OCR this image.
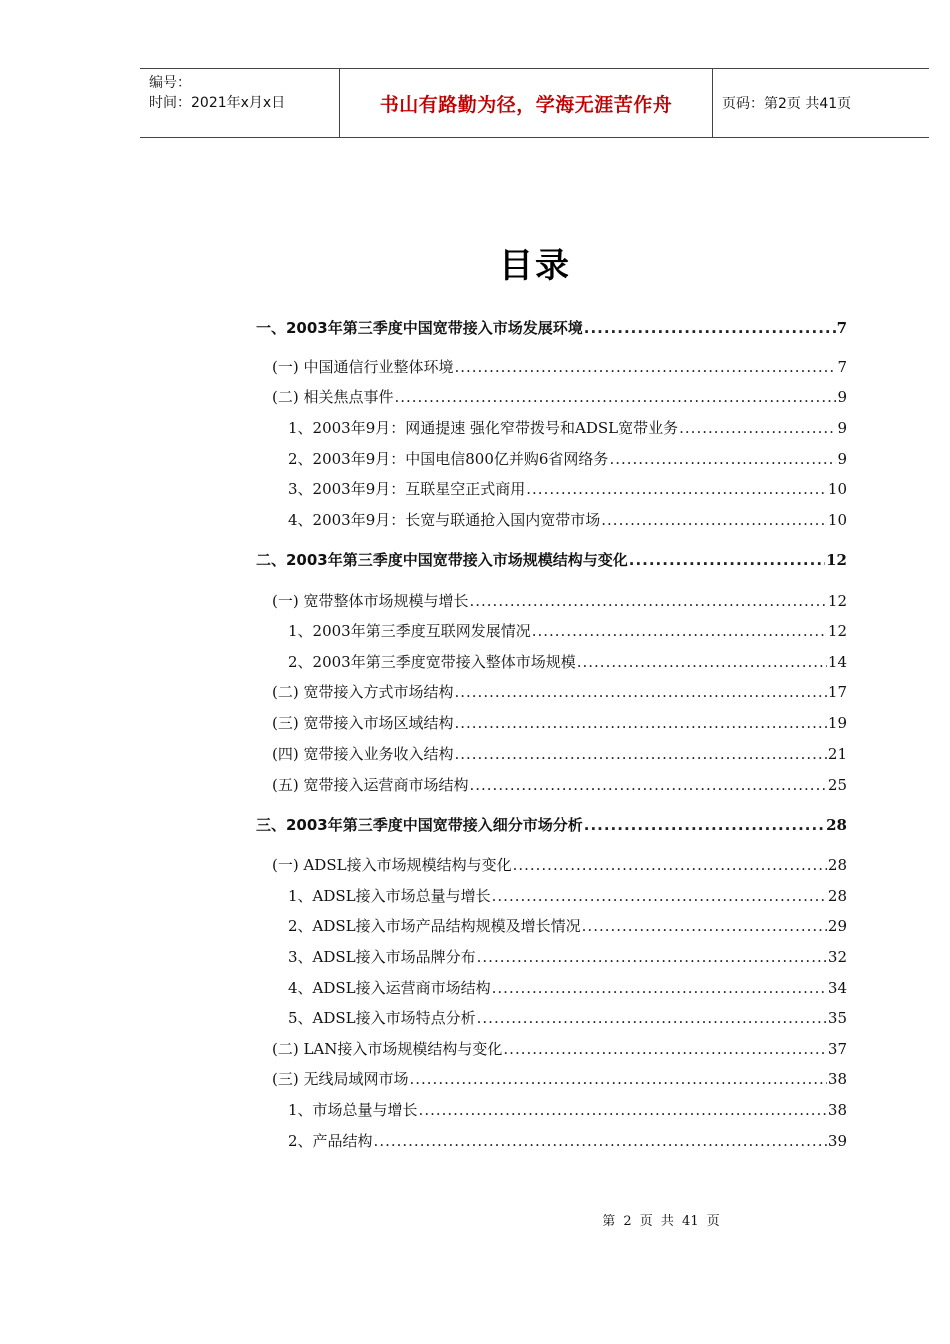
编号：
时间：2021年x月x日	书山有路勤为径，学海无涯苦作舟	页码：第2页 共41页
目录
一、2003年第三季度中国宽带接入市场发展环境 .....	7
(一) 中国通信行业整体环境 .....	7
(二) 相关焦点事件 .....	9
1、2003年9月：网通提速 强化窄带拨号和ADSL宽带业务 .....	9
2、2003年9月：中国电信800亿并购6省网络务 .....	9
3、2003年9月：互联星空正式商用 .....	10
4、2003年9月：长宽与联通抢入国内宽带市场 .....	10
二、2003年第三季度中国宽带接入市场规模结构与变化 .....	12
(一) 宽带整体市场规模与增长 .....	12
1、2003年第三季度互联网发展情况 .....	12
2、2003年第三季度宽带接入整体市场规模 .....	14
(二) 宽带接入方式市场结构 .....	17
(三) 宽带接入市场区域结构 .....	19
(四) 宽带接入业务收入结构 .....	21
(五) 宽带接入运营商市场结构 .....	25
三、2003年第三季度中国宽带接入细分市场分析 .....	28
(一) ADSL接入市场规模结构与变化 .....	28
1、ADSL接入市场总量与增长 .....	28
2、ADSL接入市场产品结构规模及增长情况 .....	29
3、ADSL接入市场品牌分布 .....	32
4、ADSL接入运营商市场结构 .....	34
5、ADSL接入市场特点分析 .....	35
(二) LAN接入市场规模结构与变化 .....	37
(三) 无线局域网市场 .....	38
1、市场总量与增长 .....	38
2、产品结构 .....	39
第 2 页 共 41 页
